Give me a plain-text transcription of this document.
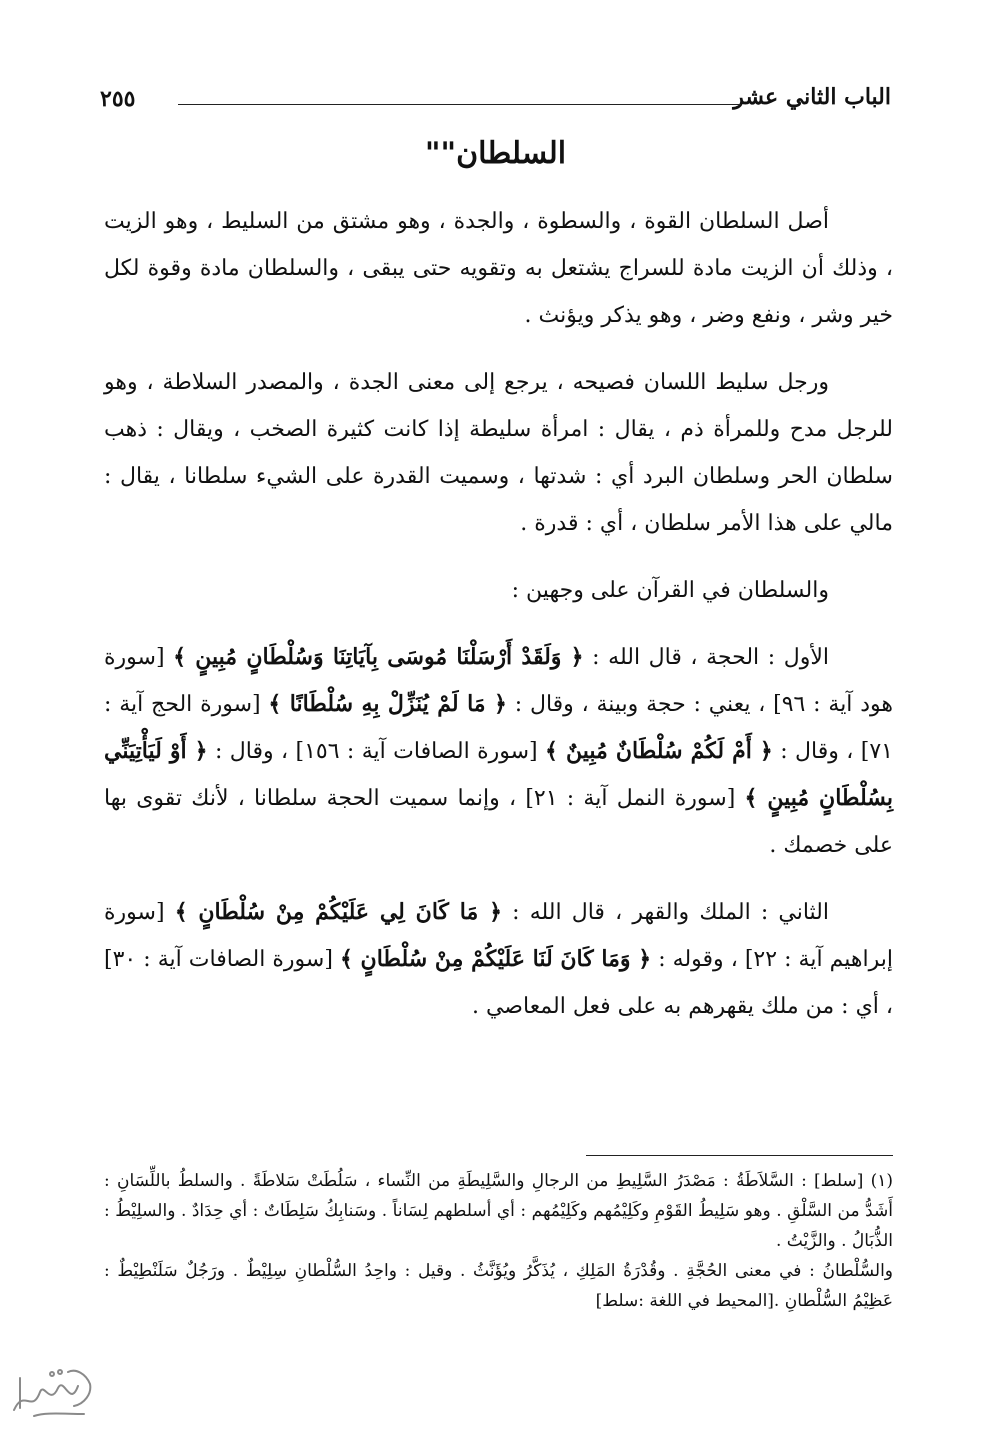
الباب الثاني عشر
٢٥٥
السلطان""

أصل السلطان القوة ، والسطوة ، والجدة ، وهو مشتق من السليط ، وهو الزيت ، وذلك أن الزيت مادة للسراج يشتعل به وتقويه حتى يبقى ، والسلطان مادة وقوة لكل خير وشر ، ونفع وضر ، وهو يذكر ويؤنث .

ورجل سليط اللسان فصيحه ، يرجع إلى معنى الجدة ، والمصدر السلاطة ، وهو للرجل مدح وللمرأة ذم ، يقال : امرأة سليطة إذا كانت كثيرة الصخب ، ويقال : ذهب سلطان الحر وسلطان البرد أي : شدتها ، وسميت القدرة على الشيء سلطانا ، يقال : مالي على هذا الأمر سلطان ، أي : قدرة .

والسلطان في القرآن على وجهين :

الأول : الحجة ، قال الله : ﴿ وَلَقَدْ أَرْسَلْنَا مُوسَى بِآيَاتِنَا وَسُلْطَانٍ مُبِينٍ ﴾ [سورة هود آية : ٩٦] ، يعني : حجة وبينة ، وقال : ﴿ مَا لَمْ يُنَزِّلْ بِهِ سُلْطَانًا ﴾ [سورة الحج آية : ٧١] ، وقال : ﴿ أَمْ لَكُمْ سُلْطَانٌ مُبِينٌ ﴾ [سورة الصافات آية : ١٥٦] ، وقال : ﴿ أَوْ لَيَأْتِيَنِّي بِسُلْطَانٍ مُبِينٍ ﴾ [سورة النمل آية : ٢١] ، وإنما سميت الحجة سلطانا ، لأنك تقوى بها على خصمك .

الثاني : الملك والقهر ، قال الله : ﴿ مَا كَانَ لِي عَلَيْكُمْ مِنْ سُلْطَانٍ ﴾ [سورة إبراهيم آية : ٢٢] ، وقوله : ﴿ وَمَا كَانَ لَنَا عَلَيْكُمْ مِنْ سُلْطَانٍ ﴾ [سورة الصافات آية : ٣٠] ، أي : من ملك يقهرهم به على فعل المعاصي .

(١) [سلط] : السَّلاَطَةُ : مَصْدَرُ السَّلِيطِ من الرجالِ والسَّلِيطَةِ من النِّساء ، سَلُطَتْ سَلاطَةً . والسلطُ باللِّسَانِ : أَشَدُّ من السَّلْقِ . وهو سَلِيطُ القَوْمِ وكَلِيْمُهم وكَلِيْمُهم : أي أسلطهم لِسَاناً . وسَنابِكُ سَلِطَاتٌ : أي حِدَادٌ . والسلِيْطُ : الذُّبَالُ . والزَّيْتُ .

والسُّلْطانُ : في معنى الحُجَّةِ . وقُدْرَةُ المَلِكِ ، يُذَكَّرُ ويُؤَنَّثُ . وقيل : واحِدُ السُّلْطانِ سِلِيْطٌ . ورَجُلٌ سَلَنْطِيْطٌ : عَظِيْمُ السُّلْطانِ .[المحيط في اللغة :سلط]
